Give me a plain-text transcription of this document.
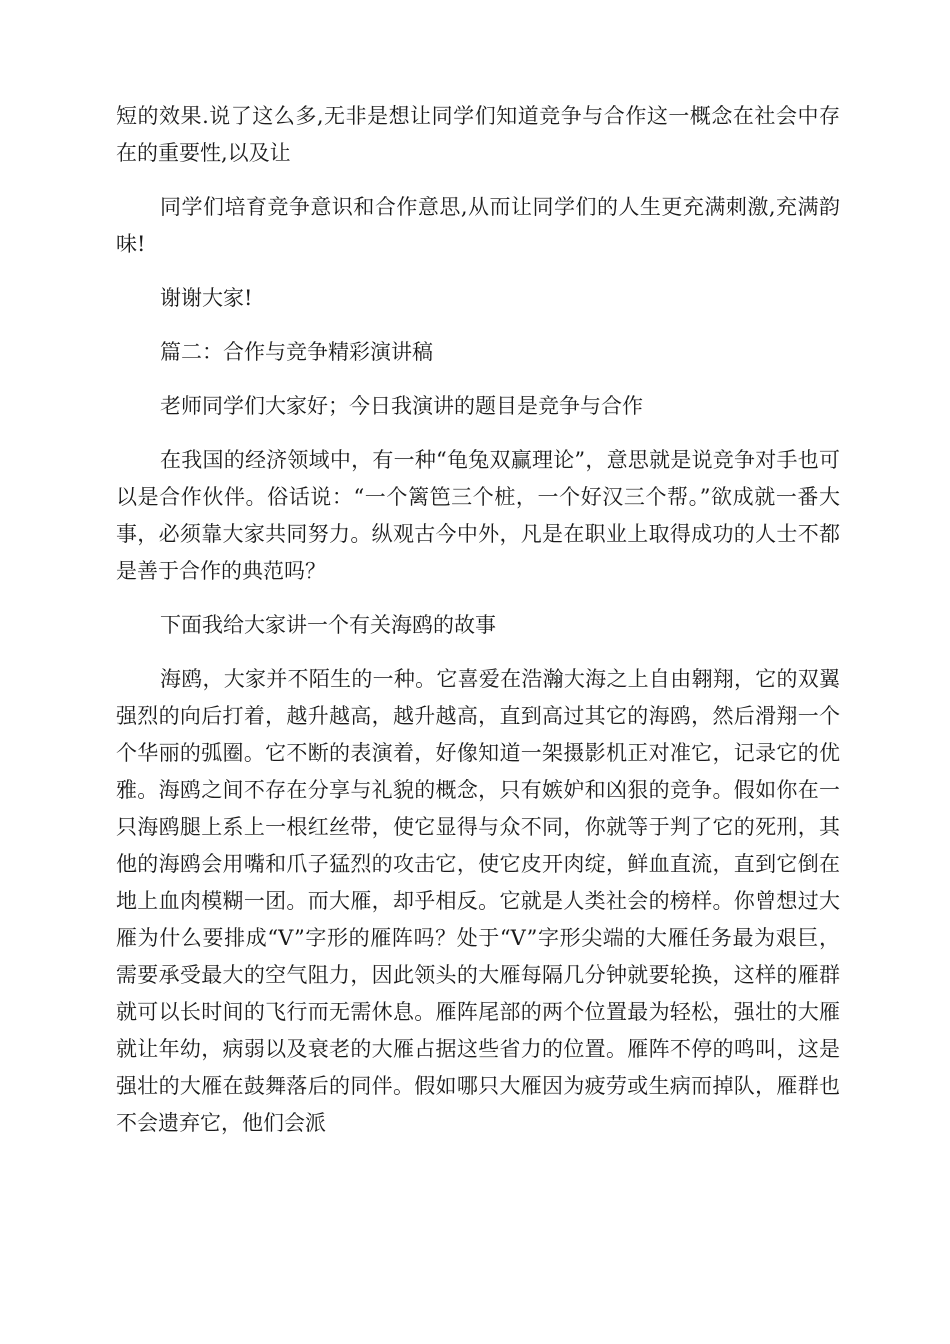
短的效果.说了这么多,无非是想让同学们知道竞争与合作这一概念在社会中存在的重要性,以及让

同学们培育竞争意识和合作意思,从而让同学们的人生更充满刺激,充满韵味!

谢谢大家!

篇二：合作与竞争精彩演讲稿

老师同学们大家好；今日我演讲的题目是竞争与合作

在我国的经济领域中，有一种“龟兔双赢理论”，意思就是说竞争对手也可以是合作伙伴。俗话说：“一个篱笆三个桩，一个好汉三个帮。”欲成就一番大事，必须靠大家共同努力。纵观古今中外，凡是在职业上取得成功的人士不都是善于合作的典范吗？

下面我给大家讲一个有关海鸥的故事

海鸥，大家并不陌生的一种。它喜爱在浩瀚大海之上自由翱翔，它的双翼强烈的向后打着，越升越高，越升越高，直到高过其它的海鸥，然后滑翔一个个华丽的弧圈。它不断的表演着，好像知道一架摄影机正对准它，记录它的优雅。海鸥之间不存在分享与礼貌的概念，只有嫉妒和凶狠的竞争。假如你在一只海鸥腿上系上一根红丝带，使它显得与众不同，你就等于判了它的死刑，其他的海鸥会用嘴和爪子猛烈的攻击它，使它皮开肉绽，鲜血直流，直到它倒在地上血肉模糊一团。而大雁，却乎相反。它就是人类社会的榜样。你曾想过大雁为什么要排成“V”字形的雁阵吗？处于“V”字形尖端的大雁任务最为艰巨，需要承受最大的空气阻力，因此领头的大雁每隔几分钟就要轮换，这样的雁群就可以长时间的飞行而无需休息。雁阵尾部的两个位置最为轻松，强壮的大雁就让年幼，病弱以及衰老的大雁占据这些省力的位置。雁阵不停的鸣叫，这是强壮的大雁在鼓舞落后的同伴。假如哪只大雁因为疲劳或生病而掉队，雁群也不会遗弃它，他们会派
